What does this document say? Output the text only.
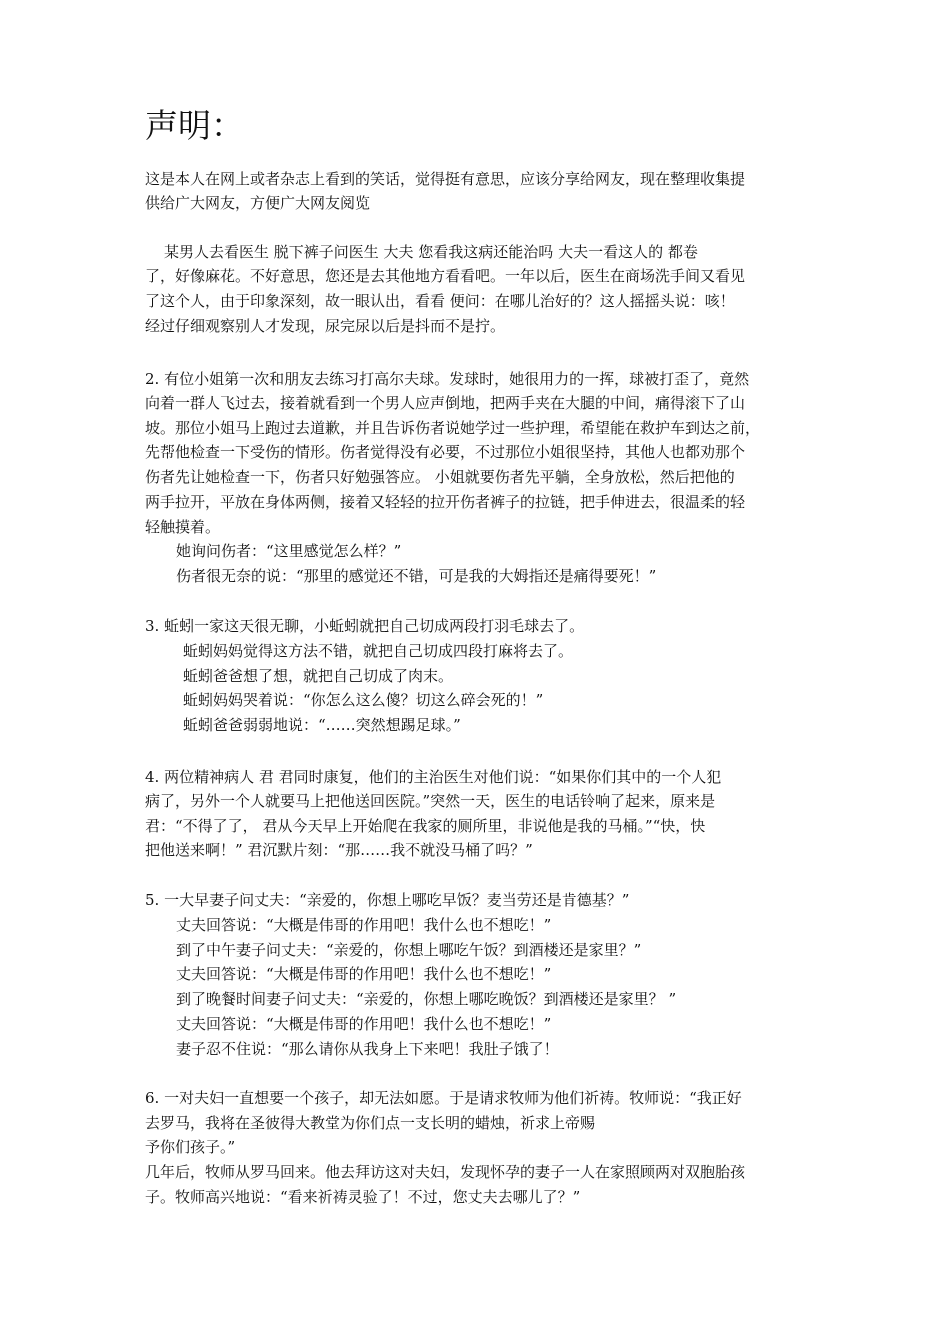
声明：
这是本人在网上或者杂志上看到的笑话，觉得挺有意思，应该分享给网友，现在整理收集提
供给广大网友，方便广大网友阅览
某男人去看医生 脱下裤子问医生 大夫 您看我这病还能治吗 大夫一看这人的 都卷
了，好像麻花。不好意思，您还是去其他地方看看吧。一年以后，医生在商场洗手间又看见
了这个人，由于印象深刻，故一眼认出，看看 便问：在哪儿治好的？这人摇摇头说：咳！
经过仔细观察别人才发现，尿完尿以后是抖而不是拧。
2. 有位小姐第一次和朋友去练习打高尔夫球。发球时，她很用力的一挥，球被打歪了，竟然
向着一群人飞过去，接着就看到一个男人应声倒地，把两手夹在大腿的中间，痛得滚下了山
坡。那位小姐马上跑过去道歉，并且告诉伤者说她学过一些护理，希望能在救护车到达之前，
先帮他检查一下受伤的情形。伤者觉得没有必要，不过那位小姐很坚持，其他人也都劝那个
伤者先让她检查一下，伤者只好勉强答应。 小姐就要伤者先平躺，全身放松，然后把他的
两手拉开，平放在身体两侧，接着又轻轻的拉开伤者裤子的拉链，把手伸进去，很温柔的轻
轻触摸着。
她询问伤者：“这里感觉怎么样？”
伤者很无奈的说：“那里的感觉还不错，可是我的大姆指还是痛得要死！”
3. 蚯蚓一家这天很无聊，小蚯蚓就把自己切成两段打羽毛球去了。
蚯蚓妈妈觉得这方法不错，就把自己切成四段打麻将去了。
蚯蚓爸爸想了想，就把自己切成了肉末。
蚯蚓妈妈哭着说：“你怎么这么傻？切这么碎会死的！”
蚯蚓爸爸弱弱地说：“……突然想踢足球。”
4. 两位精神病人 君 君同时康复，他们的主治医生对他们说：“如果你们其中的一个人犯
病了，另外一个人就要马上把他送回医院。”突然一天，医生的电话铃响了起来，原来是
君：“不得了了， 君从今天早上开始爬在我家的厕所里，非说他是我的马桶。”“快，快
把他送来啊！” 君沉默片刻：“那……我不就没马桶了吗？”
5. 一大早妻子问丈夫：“亲爱的，你想上哪吃早饭？麦当劳还是肯德基？”
丈夫回答说：“大概是伟哥的作用吧！我什么也不想吃！”
到了中午妻子问丈夫：“亲爱的，你想上哪吃午饭？到酒楼还是家里？”
丈夫回答说：“大概是伟哥的作用吧！我什么也不想吃！”
到了晚餐时间妻子问丈夫：“亲爱的，你想上哪吃晚饭？到酒楼还是家里？ ”
丈夫回答说：“大概是伟哥的作用吧！我什么也不想吃！”
妻子忍不住说：“那么请你从我身上下来吧！我肚子饿了！
6. 一对夫妇一直想要一个孩子，却无法如愿。于是请求牧师为他们祈祷。牧师说：“我正好
去罗马，我将在圣彼得大教堂为你们点一支长明的蜡烛，祈求上帝赐
予你们孩子。”
几年后，牧师从罗马回来。他去拜访这对夫妇，发现怀孕的妻子一人在家照顾两对双胞胎孩
子。牧师高兴地说：“看来祈祷灵验了！不过，您丈夫去哪儿了？”
